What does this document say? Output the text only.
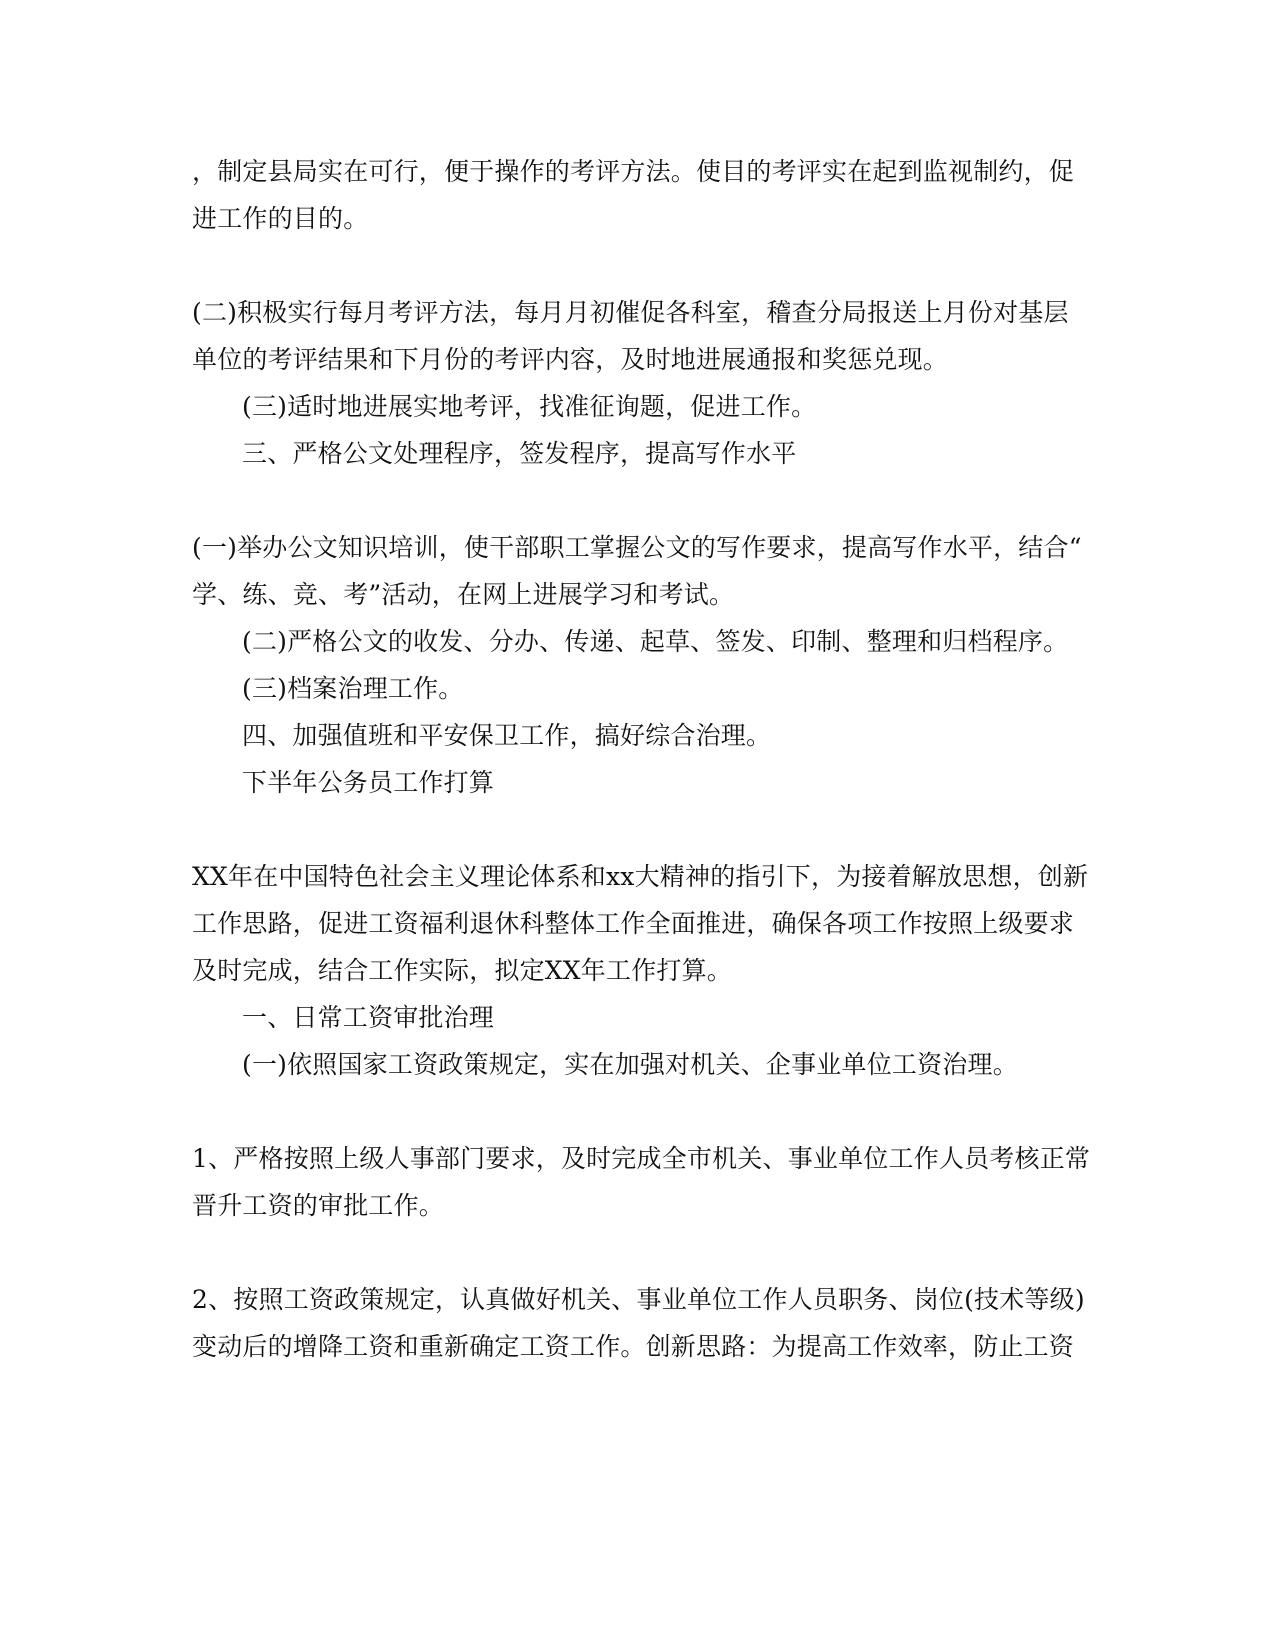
，制定县局实在可行，便于操作的考评方法。使目的考评实在起到监视制约，促
进工作的目的。
(二)积极实行每月考评方法，每月月初催促各科室，稽查分局报送上月份对基层
单位的考评结果和下月份的考评内容，及时地进展通报和奖惩兑现。
(三)适时地进展实地考评，找准征询题，促进工作。
三、严格公文处理程序，签发程序，提高写作水平
(一)举办公文知识培训，使干部职工掌握公文的写作要求，提高写作水平，结合“
学、练、竞、考”活动，在网上进展学习和考试。
(二)严格公文的收发、分办、传递、起草、签发、印制、整理和归档程序。
(三)档案治理工作。
四、加强值班和平安保卫工作，搞好综合治理。
下半年公务员工作打算
XX年在中国特色社会主义理论体系和xx大精神的指引下，为接着解放思想，创新
工作思路，促进工资福利退休科整体工作全面推进，确保各项工作按照上级要求
及时完成，结合工作实际，拟定XX年工作打算。
一、日常工资审批治理
(一)依照国家工资政策规定，实在加强对机关、企事业单位工资治理。
1、严格按照上级人事部门要求，及时完成全市机关、事业单位工作人员考核正常
晋升工资的审批工作。
2、按照工资政策规定，认真做好机关、事业单位工作人员职务、岗位(技术等级)
变动后的增降工资和重新确定工资工作。创新思路：为提高工作效率，防止工资
